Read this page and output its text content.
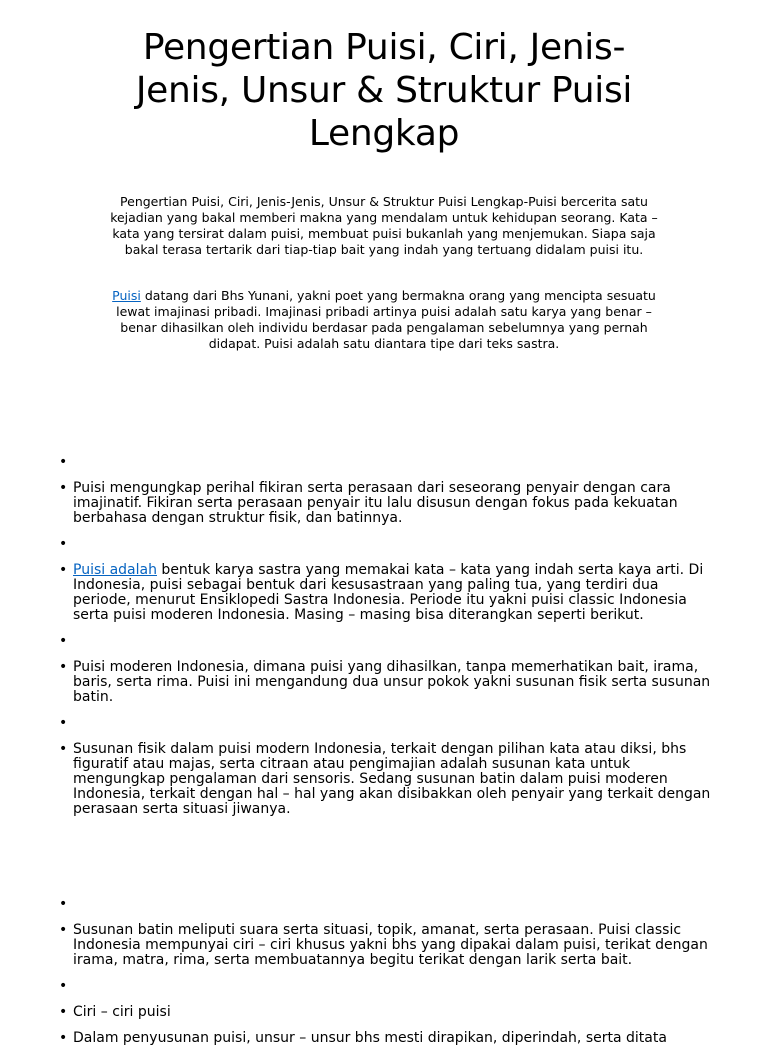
Pengertian Puisi, Ciri, Jenis-Jenis, Unsur & Struktur Puisi Lengkap

Pengertian Puisi, Ciri, Jenis-Jenis, Unsur & Struktur Puisi Lengkap-Puisi bercerita satu kejadian yang bakal memberi makna yang mendalam untuk kehidupan seorang. Kata – kata yang tersirat dalam puisi, membuat puisi bukanlah yang menjemukan. Siapa saja bakal terasa tertarik dari tiap-tiap bait yang indah yang tertuang didalam puisi itu.

Puisi datang dari Bhs Yunani, yakni poet yang bermakna orang yang mencipta sesuatu lewat imajinasi pribadi. Imajinasi pribadi artinya puisi adalah satu karya yang benar – benar dihasilkan oleh individu berdasar pada pengalaman sebelumnya yang pernah didapat. Puisi adalah satu diantara tipe dari teks sastra.

•
• Puisi mengungkap perihal fikiran serta perasaan dari seseorang penyair dengan cara imajinatif. Fikiran serta perasaan penyair itu lalu disusun dengan fokus pada kekuatan berbahasa dengan struktur fisik, dan batinnya.
•
• Puisi adalah bentuk karya sastra yang memakai kata – kata yang indah serta kaya arti. Di Indonesia, puisi sebagai bentuk dari kesusastraan yang paling tua, yang terdiri dua periode, menurut Ensiklopedi Sastra Indonesia. Periode itu yakni puisi classic Indonesia serta puisi moderen Indonesia. Masing – masing bisa diterangkan seperti berikut.
•
• Puisi moderen Indonesia, dimana puisi yang dihasilkan, tanpa memerhatikan bait, irama, baris, serta rima. Puisi ini mengandung dua unsur pokok yakni susunan fisik serta susunan batin.
•
• Susunan fisik dalam puisi modern Indonesia, terkait dengan pilihan kata atau diksi, bhs figuratif atau majas, serta citraan atau pengimajian adalah susunan kata untuk mengungkap pengalaman dari sensoris. Sedang susunan batin dalam puisi moderen Indonesia, terkait dengan hal – hal yang akan disibakkan oleh penyair yang terkait dengan perasaan serta situasi jiwanya.
•
• Susunan batin meliputi suara serta situasi, topik, amanat, serta perasaan. Puisi classic Indonesia mempunyai ciri – ciri khusus yakni bhs yang dipakai dalam puisi, terikat dengan irama, matra, rima, serta membuatannya begitu terikat dengan larik serta bait.
•
• Ciri – ciri puisi
• Dalam penyusunan puisi, unsur – unsur bhs mesti dirapikan, diperindah, serta ditata
